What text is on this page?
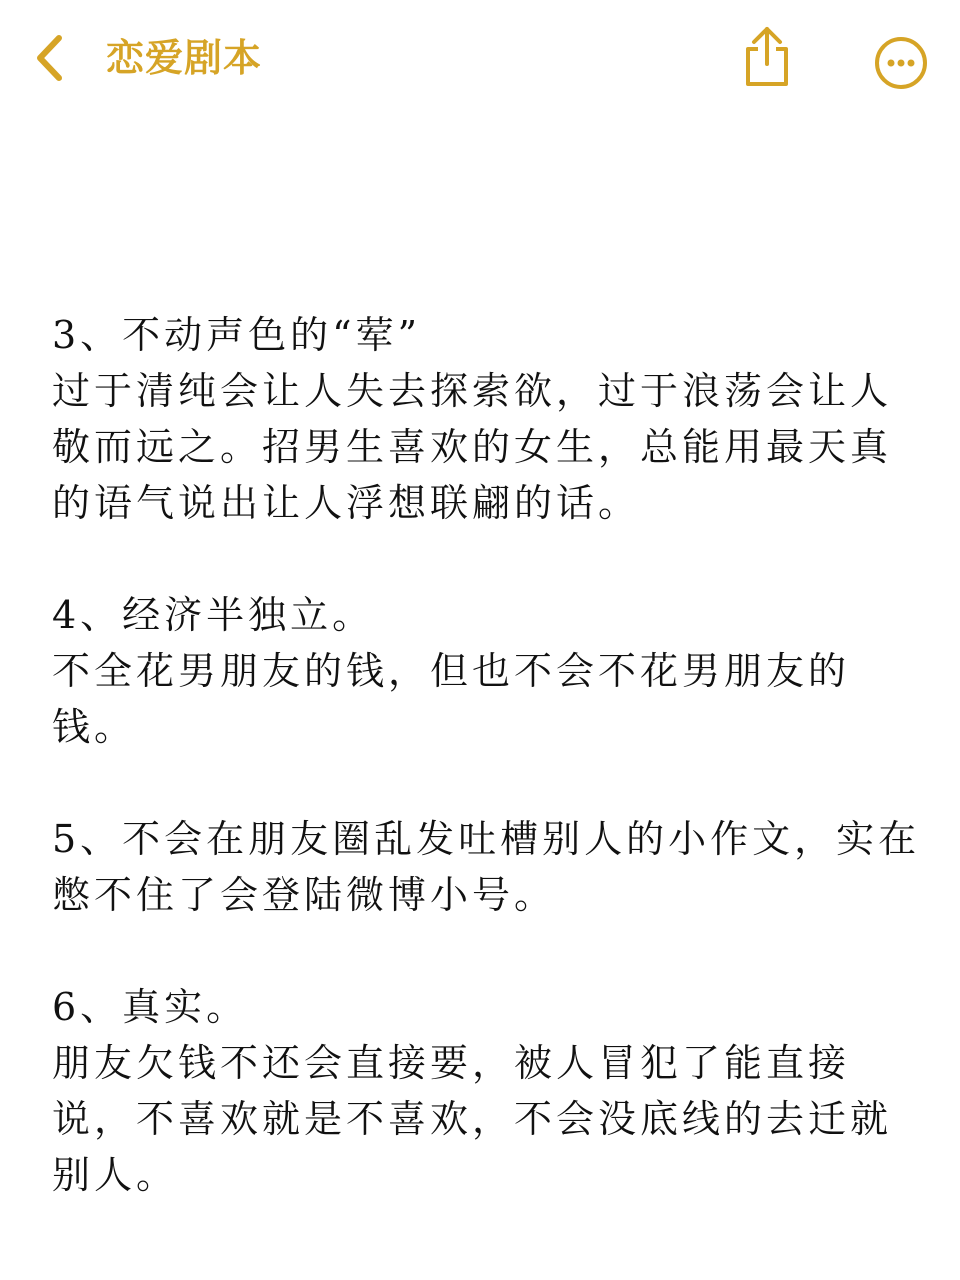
恋爱剧本
3、不动声色的“荤”

过于清纯会让人失去探索欲，过于浪荡会让人敬而远之。招男生喜欢的女生，总能用最天真的语气说出让人浮想联翩的话。

4、经济半独立。

不全花男朋友的钱，但也不会不花男朋友的钱。

5、不会在朋友圈乱发吐槽别人的小作文，实在憋不住了会登陆微博小号。
6、真实。

朋友欠钱不还会直接要，被人冒犯了能直接说，不喜欢就是不喜欢，不会没底线的去迁就别人。
